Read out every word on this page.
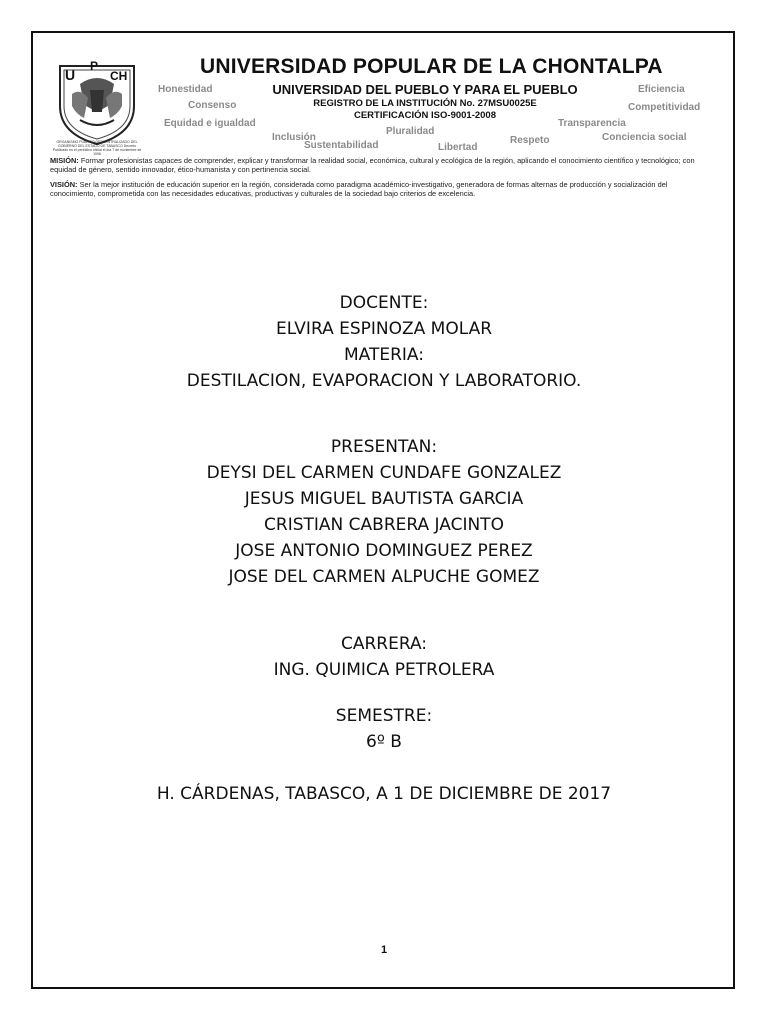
U
P
CH
ORGANISMO PÚBLICO DESCENTRALIZADO DEL GOBIERNO DEL ESTADO DE TABASCO Decreto Publicado en el periódico oficial el día 7 de noviembre de 1996
UNIVERSIDAD POPULAR DE LA CHONTALPA
UNIVERSIDAD DEL PUEBLO Y PARA EL PUEBLO
REGISTRO DE LA INSTITUCIÓN No. 27MSU0025E
CERTIFICACIÓN ISO-9001-2008
Honestidad
Consenso
Equidad e igualdad
Inclusión
Sustentabilidad
Pluralidad
Libertad
Respeto
Transparencia
Conciencia social
Eficiencia
Competitividad
MISIÓN: Formar profesionistas capaces de comprender, explicar y transformar la realidad social, económica, cultural y ecológica de la región, aplicando el conocimiento científico y tecnológico; con equidad de género, sentido innovador, ético-humanista y con pertinencia social.
VISIÓN: Ser la mejor institución de educación superior en la región, considerada como paradigma académico-investigativo, generadora de formas alternas de producción y socialización del conocimiento, comprometida con las necesidades educativas, productivas y culturales de la sociedad bajo criterios de excelencia.
DOCENTE:
ELVIRA ESPINOZA MOLAR
MATERIA:
DESTILACION, EVAPORACION Y LABORATORIO.
PRESENTAN:
DEYSI DEL CARMEN CUNDAFE GONZALEZ
JESUS MIGUEL BAUTISTA GARCIA
CRISTIAN CABRERA JACINTO
JOSE ANTONIO DOMINGUEZ PEREZ
JOSE DEL CARMEN ALPUCHE GOMEZ
CARRERA:
ING. QUIMICA PETROLERA
SEMESTRE:
6º B
H. CÁRDENAS, TABASCO, A 1 DE DICIEMBRE DE 2017
1
